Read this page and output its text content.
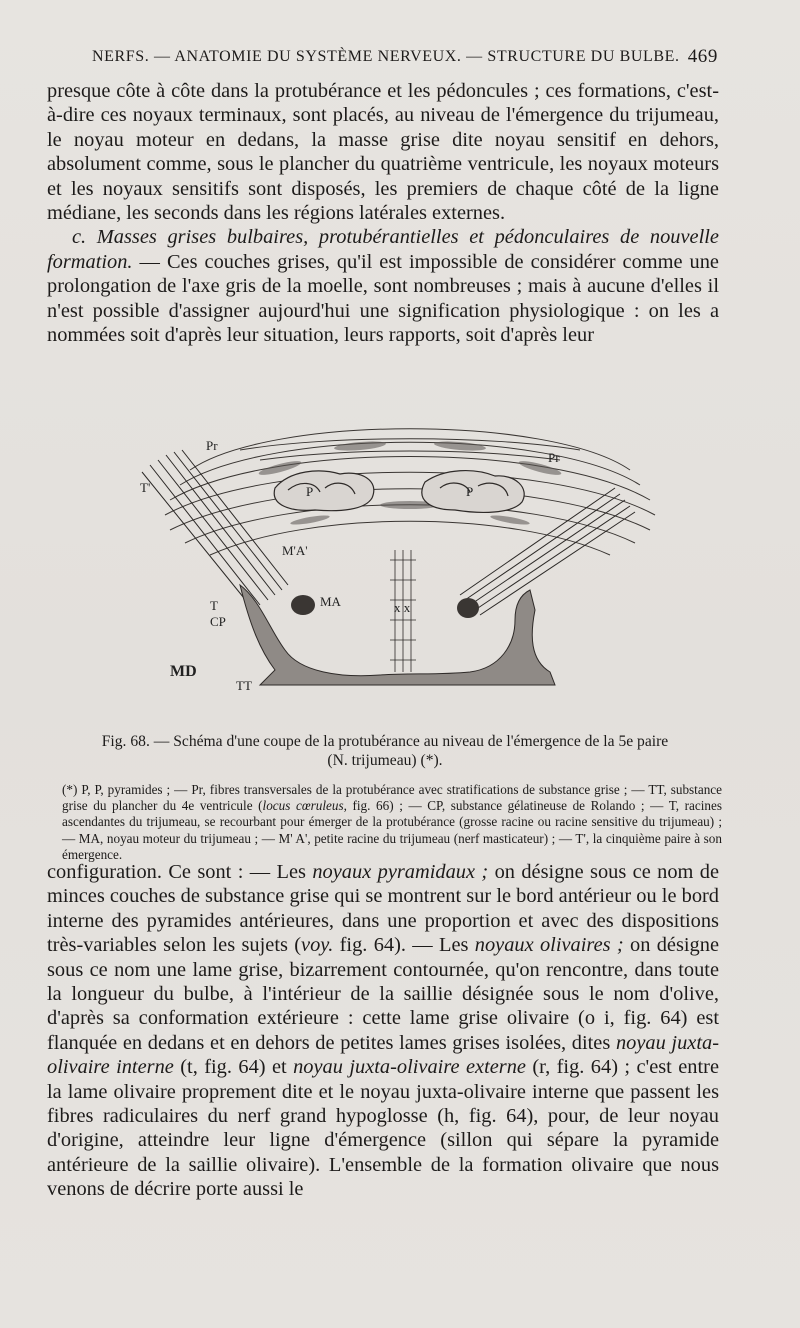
NERFS. — ANATOMIE DU SYSTÈME NERVEUX. — STRUCTURE DU BULBE. 469

presque côte à côte dans la protubérance et les pédoncules ; ces formations, c'est-à-dire ces noyaux terminaux, sont placés, au niveau de l'émergence du trijumeau, le noyau moteur en dedans, la masse grise dite noyau sensitif en dehors, absolument comme, sous le plancher du quatrième ventricule, les noyaux moteurs et les noyaux sensitifs sont disposés, les premiers de chaque côté de la ligne médiane, les seconds dans les régions latérales externes.

c. Masses grises bulbaires, protubérantielles et pédonculaires de nouvelle formation. — Ces couches grises, qu'il est impossible de considérer comme une prolongation de l'axe gris de la moelle, sont nombreuses ; mais à aucune d'elles il n'est possible d'assigner aujourd'hui une signification physiologique : on les a nommées soit d'après leur situation, leurs rapports, soit d'après leur

Pr
Pr
T'	P	P
M'A'
MA
T
CP
x x
TT
MD
Fig. 68. — Schéma d'une coupe de la protubérance au niveau de l'émergence de la 5e paire
(N. trijumeau) (*).
(*) P, P, pyramides ; — Pr, fibres transversales de la protubérance avec stratifications de substance grise ; — TT, substance grise du plancher du 4e ventricule (locus cœruleus, fig. 66) ; — CP, substance gélatineuse de Rolando ; — T, racines ascendantes du trijumeau, se recourbant pour émerger de la protubérance (grosse racine ou racine sensitive du trijumeau) ; — MA, noyau moteur du trijumeau ; — M' A', petite racine du trijumeau (nerf masticateur) ; — T', la cinquième paire à son émergence.

configuration. Ce sont : — Les noyaux pyramidaux ; on désigne sous ce nom de minces couches de substance grise qui se montrent sur le bord antérieur ou le bord interne des pyramides antérieures, dans une proportion et avec des dispositions très-variables selon les sujets (voy. fig. 64). — Les noyaux olivaires ; on désigne sous ce nom une lame grise, bizarrement contournée, qu'on rencontre, dans toute la longueur du bulbe, à l'intérieur de la saillie désignée sous le nom d'olive, d'après sa conformation extérieure : cette lame grise olivaire (o i, fig. 64) est flanquée en dedans et en dehors de petites lames grises isolées, dites noyau juxta-olivaire interne (t, fig. 64) et noyau juxta-olivaire externe (r, fig. 64) ; c'est entre la lame olivaire proprement dite et le noyau juxta-olivaire interne que passent les fibres radiculaires du nerf grand hypoglosse (h, fig. 64), pour, de leur noyau d'origine, atteindre leur ligne d'émergence (sillon qui sépare la pyramide antérieure de la saillie olivaire). L'ensemble de la formation olivaire que nous venons de décrire porte aussi le
